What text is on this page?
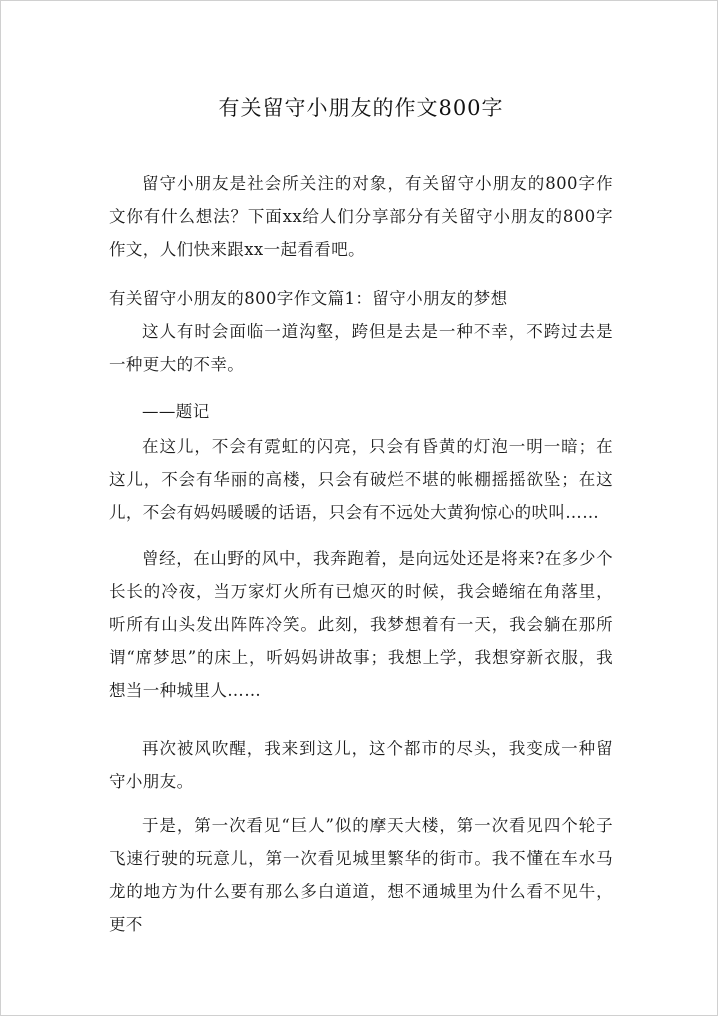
有关留守小朋友的作文800字

留守小朋友是社会所关注的对象，有关留守小朋友的800字作文你有什么想法？下面xx给人们分享部分有关留守小朋友的800字作文，人们快来跟xx一起看看吧。

有关留守小朋友的800字作文篇1：留守小朋友的梦想

这人有时会面临一道沟壑，跨但是去是一种不幸，不跨过去是一种更大的不幸。

——题记

在这儿，不会有霓虹的闪亮，只会有昏黄的灯泡一明一暗；在这儿，不会有华丽的高楼，只会有破烂不堪的帐棚摇摇欲坠；在这儿，不会有妈妈暖暖的话语，只会有不远处大黄狗惊心的吠叫……

曾经，在山野的风中，我奔跑着，是向远处还是将来?在多少个长长的冷夜，当万家灯火所有已熄灭的时候，我会蜷缩在角落里，听所有山头发出阵阵冷笑。此刻，我梦想着有一天，我会躺在那所谓“席梦思”的床上，听妈妈讲故事；我想上学，我想穿新衣服，我想当一种城里人……

再次被风吹醒，我来到这儿，这个都市的尽头，我变成一种留守小朋友。

于是，第一次看见“巨人”似的摩天大楼，第一次看见四个轮子飞速行驶的玩意儿，第一次看见城里繁华的街市。我不懂在车水马龙的地方为什么要有那么多白道道，想不通城里为什么看不见牛，更不
